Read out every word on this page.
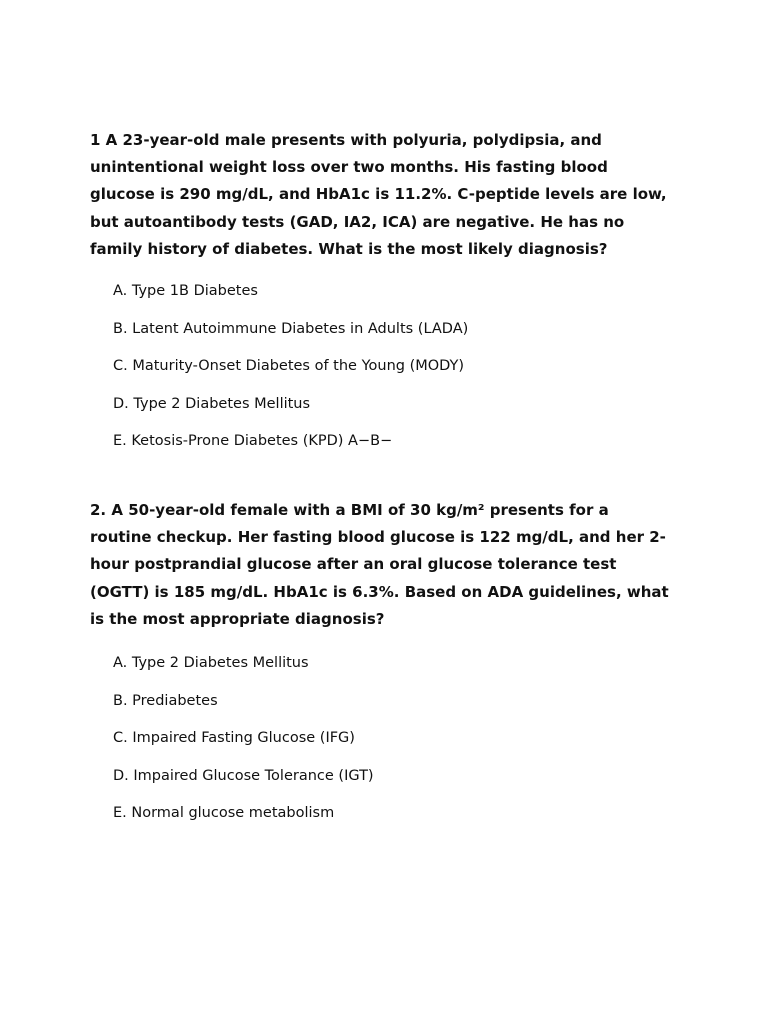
1 A 23-year-old male presents with polyuria, polydipsia, and
unintentional weight loss over two months. His fasting blood
glucose is 290 mg/dL, and HbA1c is 11.2%. C-peptide levels are low,
but autoantibody tests (GAD, IA2, ICA) are negative. He has no
family history of diabetes. What is the most likely diagnosis?

A. Type 1B Diabetes
B. Latent Autoimmune Diabetes in Adults (LADA)
C. Maturity-Onset Diabetes of the Young (MODY)
D. Type 2 Diabetes Mellitus
E. Ketosis-Prone Diabetes (KPD) A−B−

2. A 50-year-old female with a BMI of 30 kg/m² presents for a
routine checkup. Her fasting blood glucose is 122 mg/dL, and her 2-
hour postprandial glucose after an oral glucose tolerance test
(OGTT) is 185 mg/dL. HbA1c is 6.3%. Based on ADA guidelines, what
is the most appropriate diagnosis?

A. Type 2 Diabetes Mellitus
B. Prediabetes
C. Impaired Fasting Glucose (IFG)
D. Impaired Glucose Tolerance (IGT)
E. Normal glucose metabolism
